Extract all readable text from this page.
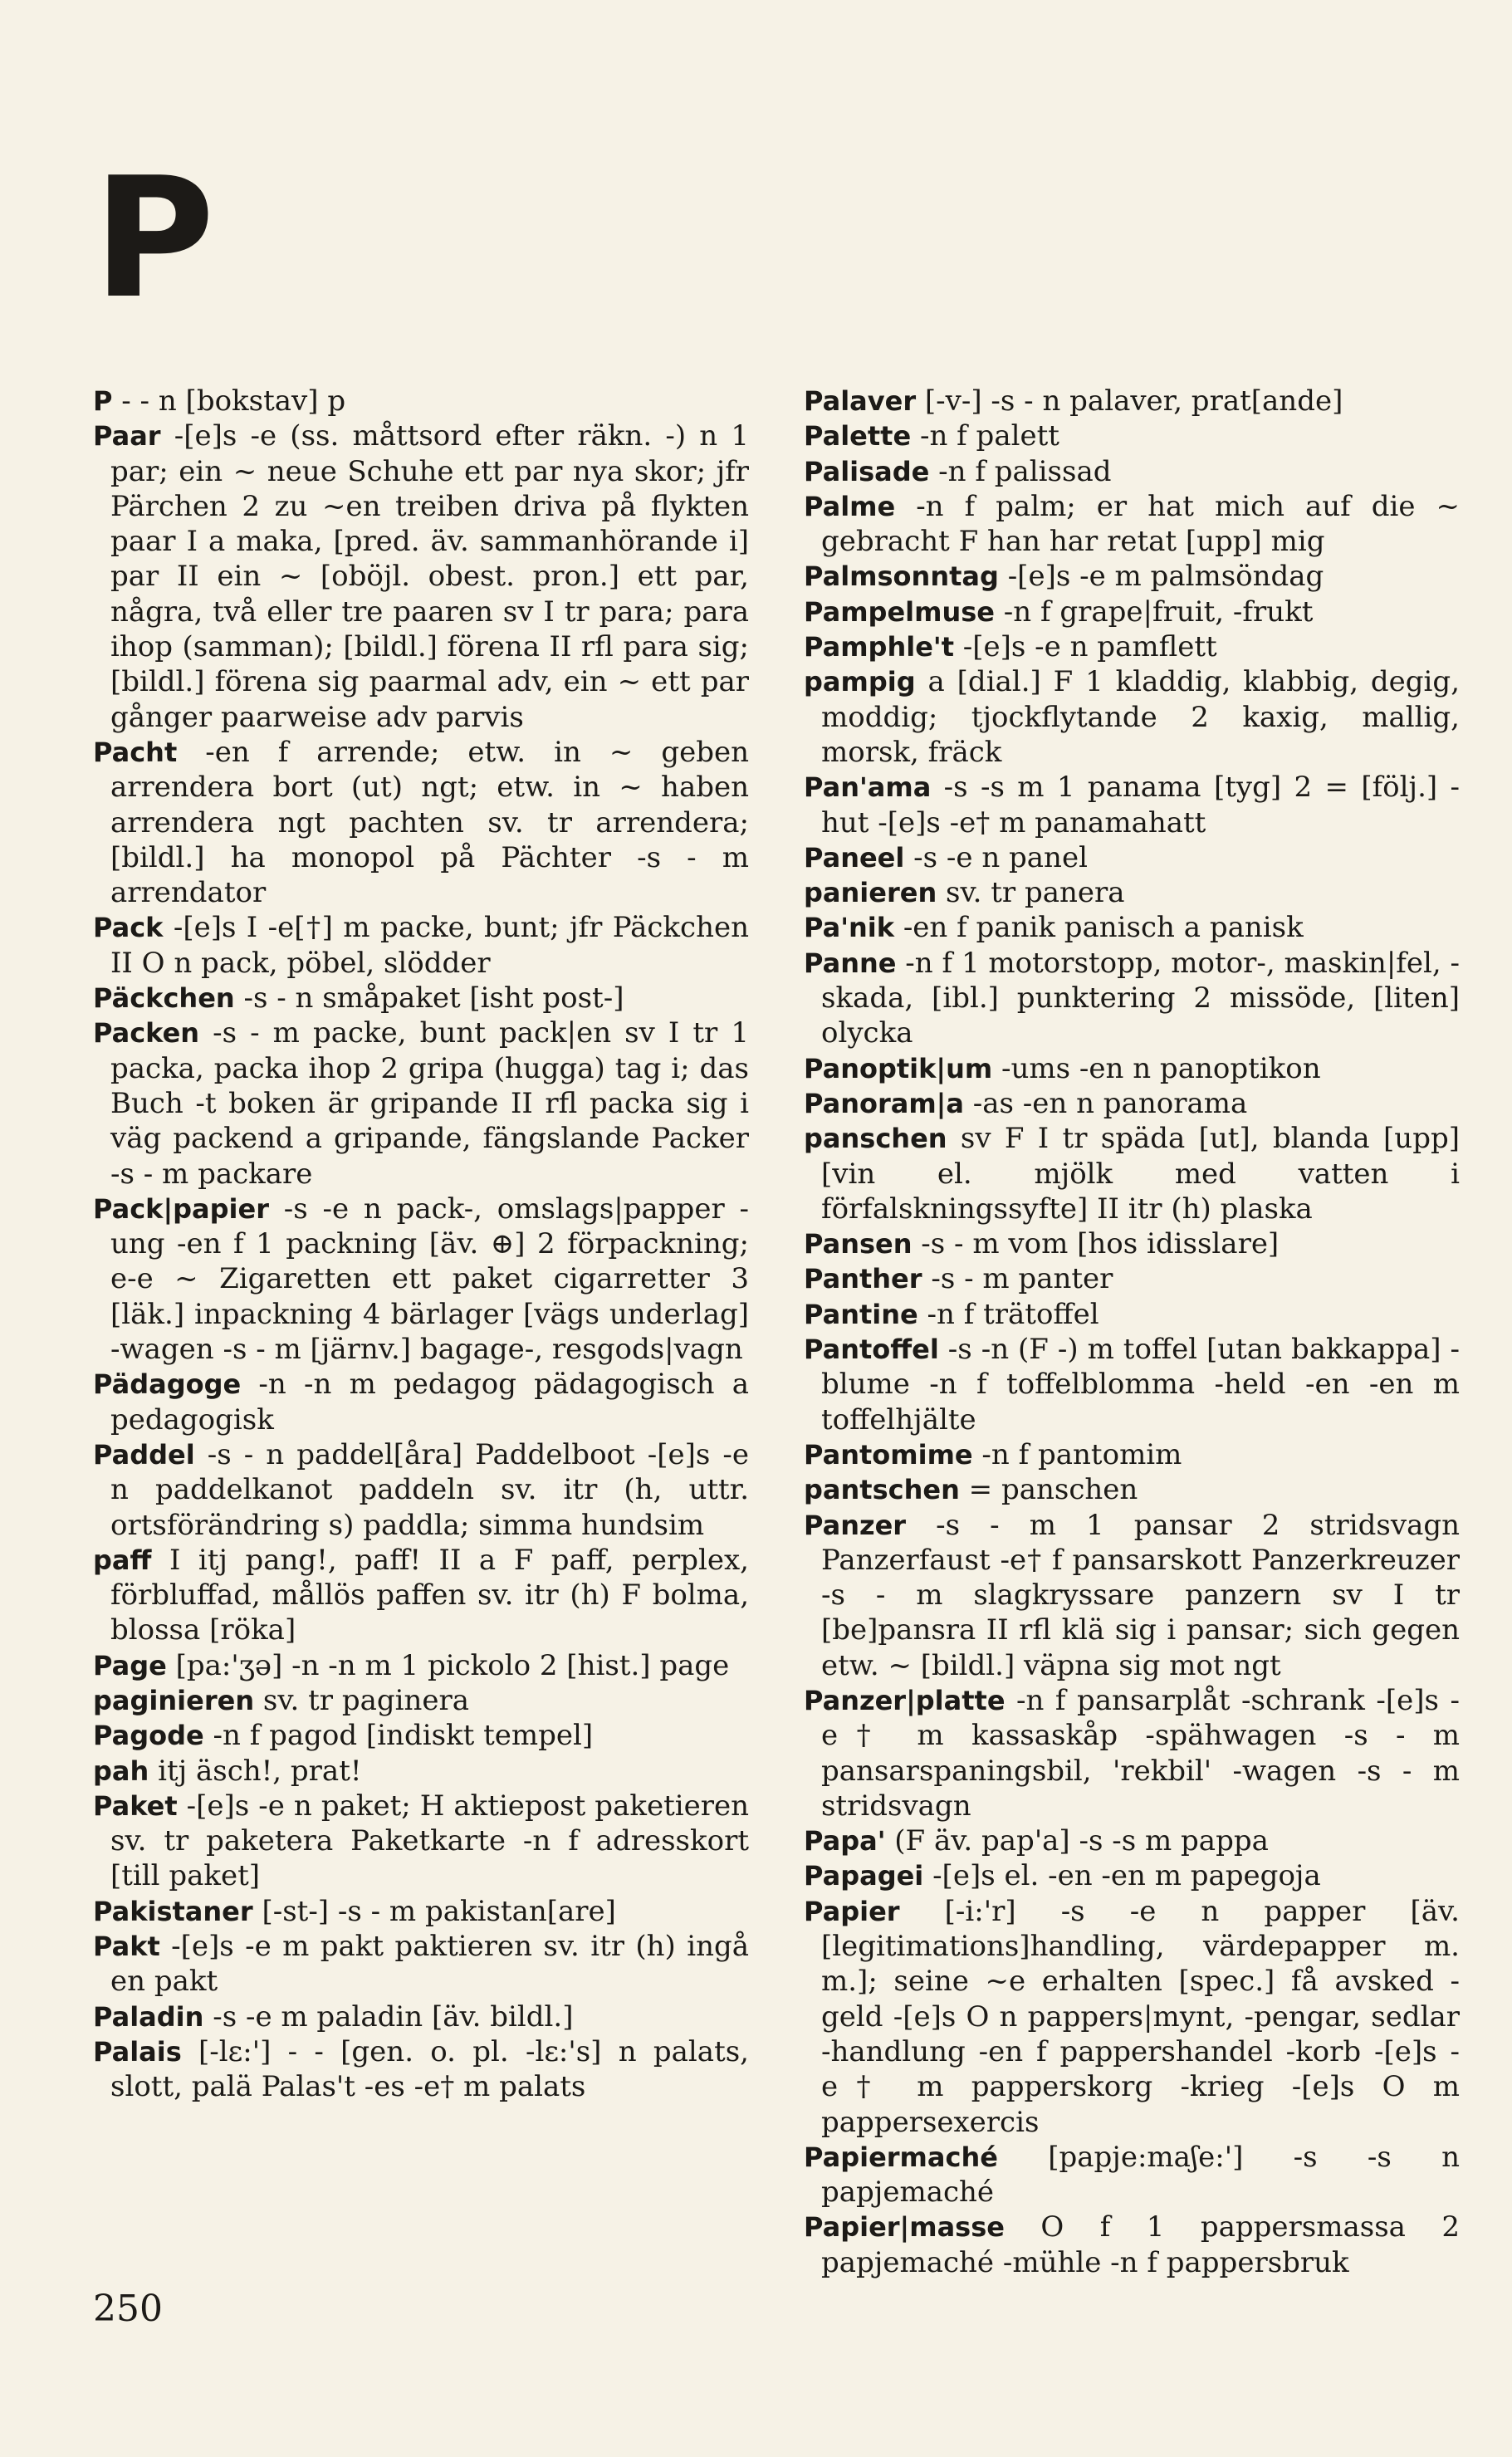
P

P - - n [bokstav] p

Paar -[e]s -e (ss. måttsord efter räkn. -) n 1 par; ein ~ neue Schuhe ett par nya skor; jfr Pärchen 2 zu ~en treiben driva på flykten paar I a maka, [pred. äv. sammanhörande i] par II ein ~ [oböjl. obest. pron.] ett par, några, två eller tre paaren sv I tr para; para ihop (samman); [bildl.] förena II rfl para sig; [bildl.] förena sig paarmal adv, ein ~ ett par gånger paarweise adv parvis

Pacht -en f arrende; etw. in ~ geben arrendera bort (ut) ngt; etw. in ~ haben arrendera ngt pachten sv. tr arrendera; [bildl.] ha monopol på Pächter -s - m arrendator

Pack -[e]s I -e[†] m packe, bunt; jfr Päckchen II O n pack, pöbel, slödder

Päckchen -s - n småpaket [isht post-]

Packen -s - m packe, bunt pack|en sv I tr 1 packa, packa ihop 2 gripa (hugga) tag i; das Buch -t boken är gripande II rfl packa sig i väg packend a gripande, fängslande Packer -s - m packare

Pack|papier -s -e n pack-, omslags|papper -ung -en f 1 packning [äv. ⊕] 2 förpackning; e-e ~ Zigaretten ett paket cigarretter 3 [läk.] inpackning 4 bärlager [vägs underlag] -wagen -s - m [järnv.] bagage-, resgods|vagn

Pädagoge -n -n m pedagog pädagogisch a pedagogisk

Paddel -s - n paddel[åra] Paddelboot -[e]s -e n paddelkanot paddeln sv. itr (h, uttr. ortsförändring s) paddla; simma hundsim

paff I itj pang!, paff! II a F paff, perplex, förbluffad, mållös paffen sv. itr (h) F bolma, blossa [röka]

Page [pa:'ʒə] -n -n m 1 pickolo 2 [hist.] page

paginieren sv. tr paginera

Pagode -n f pagod [indiskt tempel]

pah itj äsch!, prat!

Paket -[e]s -e n paket; H aktiepost paketieren sv. tr paketera Paketkarte -n f adresskort [till paket]

Pakistaner [-st-] -s - m pakistan[are]

Pakt -[e]s -e m pakt paktieren sv. itr (h) ingå en pakt

Paladin -s -e m paladin [äv. bildl.]

Palais [-lɛ:'] - - [gen. o. pl. -lɛ:'s] n palats, slott, palä Palas't -es -e† m palats

Palaver [-v-] -s - n palaver, prat[ande]

Palette -n f palett

Palisade -n f palissad

Palme -n f palm; er hat mich auf die ~ gebracht F han har retat [upp] mig

Palmsonntag -[e]s -e m palmsöndag

Pampelmuse -n f grape|fruit, -frukt

Pamphle't -[e]s -e n pamflett

pampig a [dial.] F 1 kladdig, klabbig, degig, moddig; tjockflytande 2 kaxig, mallig, morsk, fräck

Pan'ama -s -s m 1 panama [tyg] 2 = [följ.] -hut -[e]s -e† m panamahatt

Paneel -s -e n panel

panieren sv. tr panera

Pa'nik -en f panik panisch a panisk

Panne -n f 1 motorstopp, motor-, maskin|fel, -skada, [ibl.] punktering 2 missöde, [liten] olycka

Panoptik|um -ums -en n panoptikon

Panoram|a -as -en n panorama

panschen sv F I tr späda [ut], blanda [upp] [vin el. mjölk med vatten i förfalskningssyfte] II itr (h) plaska

Pansen -s - m vom [hos idisslare]

Panther -s - m panter

Pantine -n f trätoffel

Pantoffel -s -n (F -) m toffel [utan bakkappa] -blume -n f toffelblomma -held -en -en m toffelhjälte

Pantomime -n f pantomim

pantschen = panschen

Panzer -s - m 1 pansar 2 stridsvagn Panzerfaust -e† f pansarskott Panzerkreuzer -s - m slagkryssare panzern sv I tr [be]pansra II rfl klä sig i pansar; sich gegen etw. ~ [bildl.] väpna sig mot ngt

Panzer|platte -n f pansarplåt -schrank -[e]s -e† m kassaskåp -spähwagen -s - m pansarspaningsbil, 'rekbil' -wagen -s - m stridsvagn

Papa' (F äv. pap'a] -s -s m pappa

Papagei -[e]s el. -en -en m papegoja

Papier [-i:'r] -s -e n papper [äv. [legitimations]handling, värdepapper m. m.]; seine ~e erhalten [spec.] få avsked -geld -[e]s O n pappers|mynt, -pengar, sedlar -handlung -en f pappershandel -korb -[e]s -e† m papperskorg -krieg -[e]s O m pappersexercis

Papiermaché [papje:maʃe:'] -s -s n papjemaché

Papier|masse O f 1 pappersmassa 2 papjemaché -mühle -n f pappersbruk

250
